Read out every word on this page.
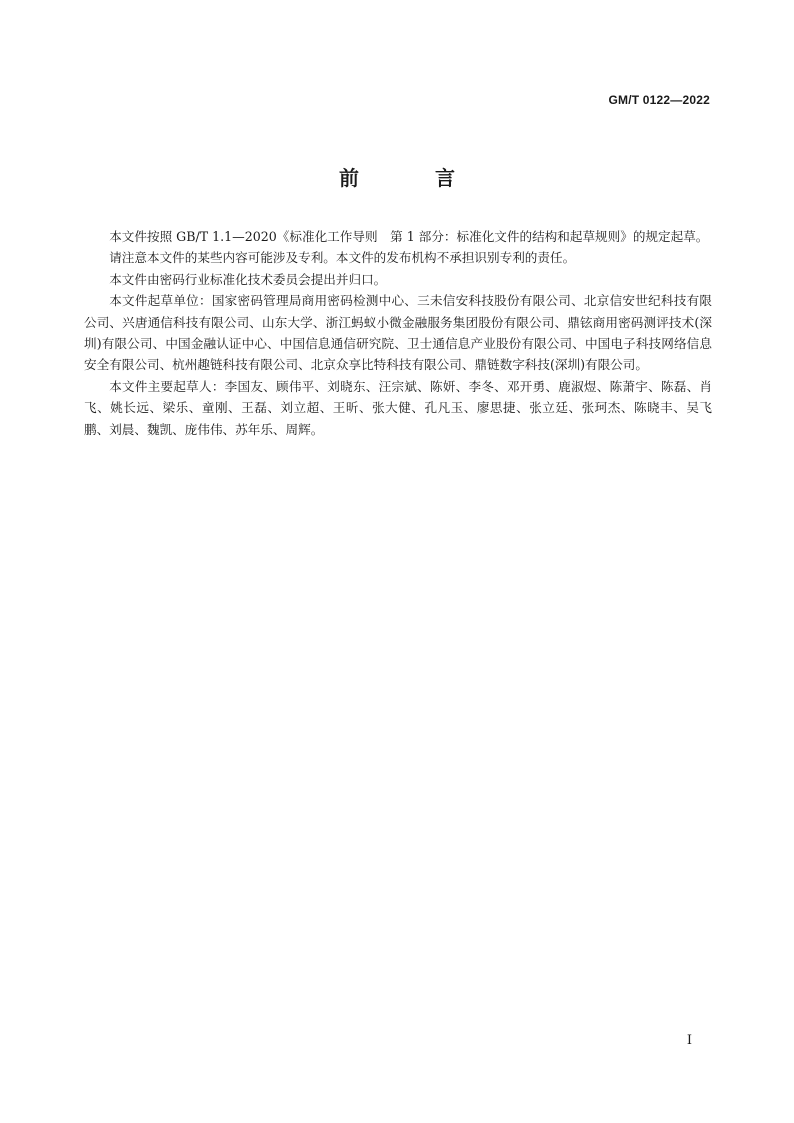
GM/T 0122—2022
前　言

本文件按照 GB/T 1.1—2020《标准化工作导则　第 1 部分：标准化文件的结构和起草规则》的规定起草。

请注意本文件的某些内容可能涉及专利。本文件的发布机构不承担识别专利的责任。

本文件由密码行业标准化技术委员会提出并归口。

本文件起草单位：国家密码管理局商用密码检测中心、三未信安科技股份有限公司、北京信安世纪科技有限公司、兴唐通信科技有限公司、山东大学、浙江蚂蚁小微金融服务集团股份有限公司、鼎铉商用密码测评技术(深圳)有限公司、中国金融认证中心、中国信息通信研究院、卫士通信息产业股份有限公司、中国电子科技网络信息安全有限公司、杭州趣链科技有限公司、北京众享比特科技有限公司、鼎链数字科技(深圳)有限公司。

本文件主要起草人：李国友、顾伟平、刘晓东、汪宗斌、陈妍、李冬、邓开勇、鹿淑煜、陈萧宇、陈磊、肖飞、姚长远、梁乐、童刚、王磊、刘立超、王昕、张大健、孔凡玉、廖思捷、张立廷、张珂杰、陈晓丰、吴飞鹏、刘晨、魏凯、庞伟伟、苏年乐、周辉。

I
